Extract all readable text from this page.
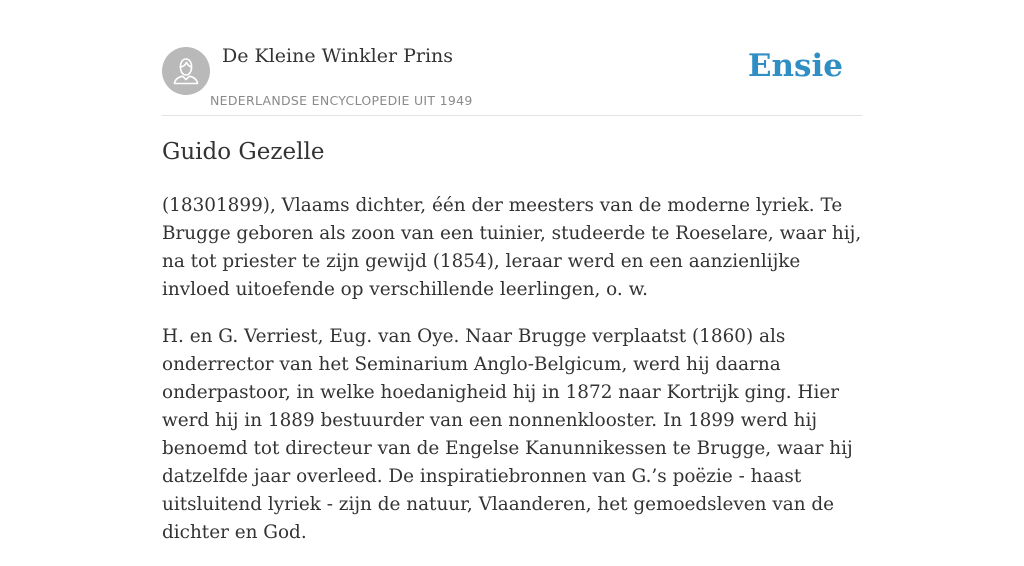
De Kleine Winkler Prins
NEDERLANDSE ENCYCLOPEDIE UIT 1949
Ensie
Guido Gezelle

(18301899), Vlaams dichter, één der meesters van de moderne lyriek. Te Brugge geboren als zoon van een tuinier, studeerde te Roeselare, waar hij, na tot priester te zijn gewijd (1854), leraar werd en een aanzienlijke invloed uitoefende op verschillende leerlingen, o. w.

H. en G. Verriest, Eug. van Oye. Naar Brugge verplaatst (1860) als onderrector van het Seminarium Anglo-Belgicum, werd hij daarna onderpastoor, in welke hoedanigheid hij in 1872 naar Kortrijk ging. Hier werd hij in 1889 bestuurder van een nonnenklooster. In 1899 werd hij benoemd tot directeur van de Engelse Kanunnikessen te Brugge, waar hij datzelfde jaar overleed. De inspiratiebronnen van G.’s poëzie - haast uitsluitend lyriek - zijn de natuur, Vlaanderen, het gemoedsleven van de dichter en God.
